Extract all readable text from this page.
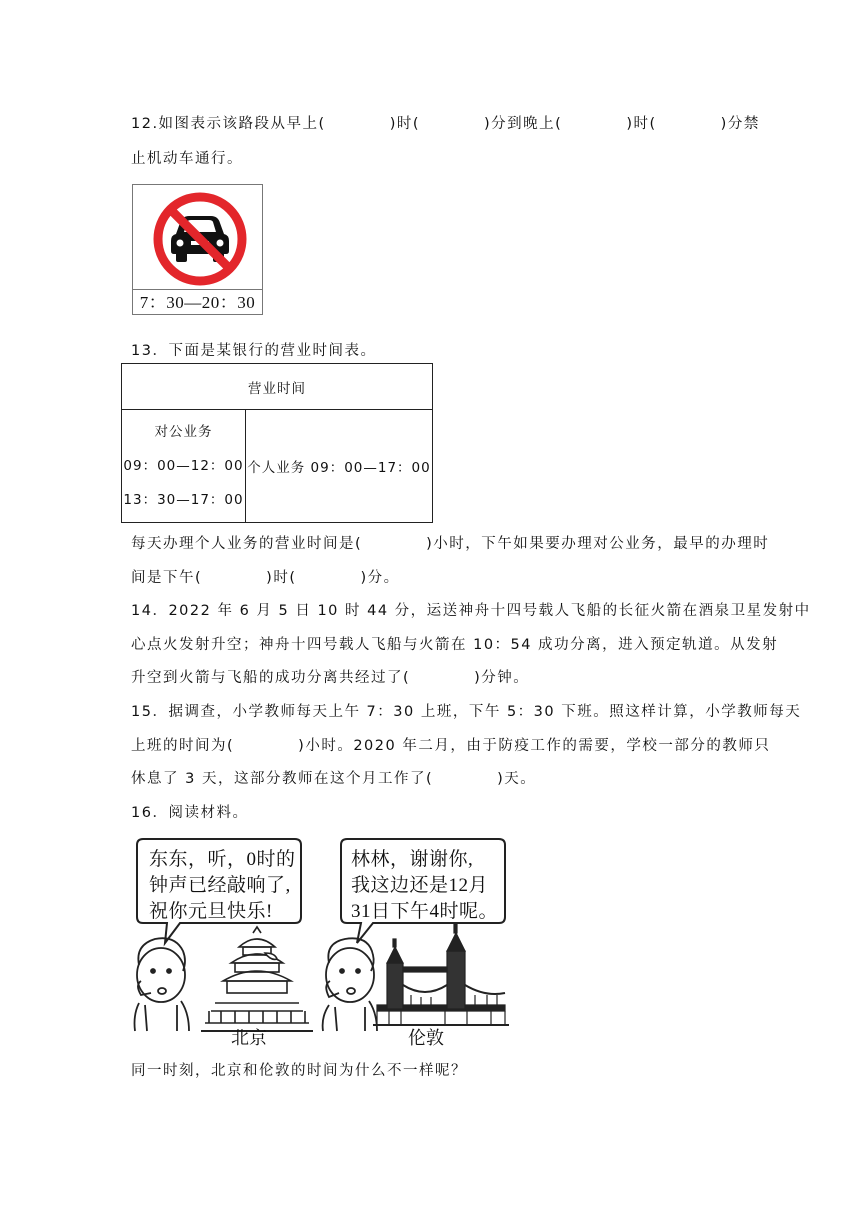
12.如图表示该路段从早上(　　　　)时(　　　　)分到晚上(　　　　)时(　　　　)分禁
止机动车通行。
7：30—20：30
13．下面是某银行的营业时间表。
营业时间

对公业务
09：00—12：00
13：30—17：00
	个人业务 09：00—17：00
每天办理个人业务的营业时间是(　　　　)小时，下午如果要办理对公业务，最早的办理时
间是下午(　　　　)时(　　　　)分。
14．2022 年 6 月 5 日 10 时 44 分，运送神舟十四号载人飞船的长征火箭在酒泉卫星发射中
心点火发射升空；神舟十四号载人飞船与火箭在 10：54 成功分离，进入预定轨道。从发射
升空到火箭与飞船的成功分离共经过了(　　　　)分钟。
15．据调查，小学教师每天上午 7：30 上班，下午 5：30 下班。照这样计算，小学教师每天
上班的时间为(　　　　)小时。2020 年二月，由于防疫工作的需要，学校一部分的教师只
休息了 3 天，这部分教师在这个月工作了(　　　　)天。
16．阅读材料。
东东，听，0时的
钟声已经敲响了,
祝你元旦快乐!
林林，谢谢你,
我这边还是12月
31日下午4时呢。
北京	伦敦
同一时刻，北京和伦敦的时间为什么不一样呢？
